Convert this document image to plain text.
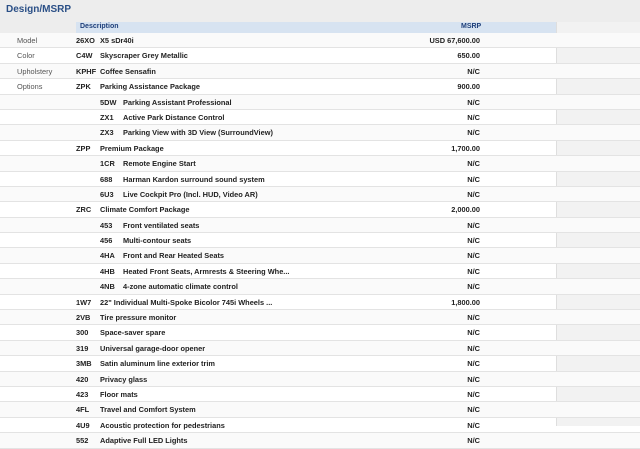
Design/MSRP
Description	MSRP
Model	26XO X5 sDr40i	USD 67,600.00
Color	C4W Skyscraper Grey Metallic	650.00
Upholstery	KPHF Coffee Sensafin	N/C
Options	ZPK Parking Assistance Package	900.00
5DW Parking Assistant Professional	N/C
ZX1 Active Park Distance Control	N/C
ZX3 Parking View with 3D View (SurroundView)	N/C
ZPP Premium Package	1,700.00
1CR Remote Engine Start	N/C
688 Harman Kardon surround sound system	N/C
6U3 Live Cockpit Pro (Incl. HUD, Video AR)	N/C
ZRC Climate Comfort Package	2,000.00
453 Front ventilated seats	N/C
456 Multi-contour seats	N/C
4HA Front and Rear Heated Seats	N/C
4HB Heated Front Seats, Armrests & Steering Whe...	N/C
4NB 4-zone automatic climate control	N/C
1W7 22" Individual Multi-Spoke Bicolor 745i Wheels ...	1,800.00
2VB Tire pressure monitor	N/C
300 Space-saver spare	N/C
319 Universal garage-door opener	N/C
3MB Satin aluminum line exterior trim	N/C
420 Privacy glass	N/C
423 Floor mats	N/C
4FL Travel and Comfort System	N/C
4U9 Acoustic protection for pedestrians	N/C
552 Adaptive Full LED Lights	N/C
